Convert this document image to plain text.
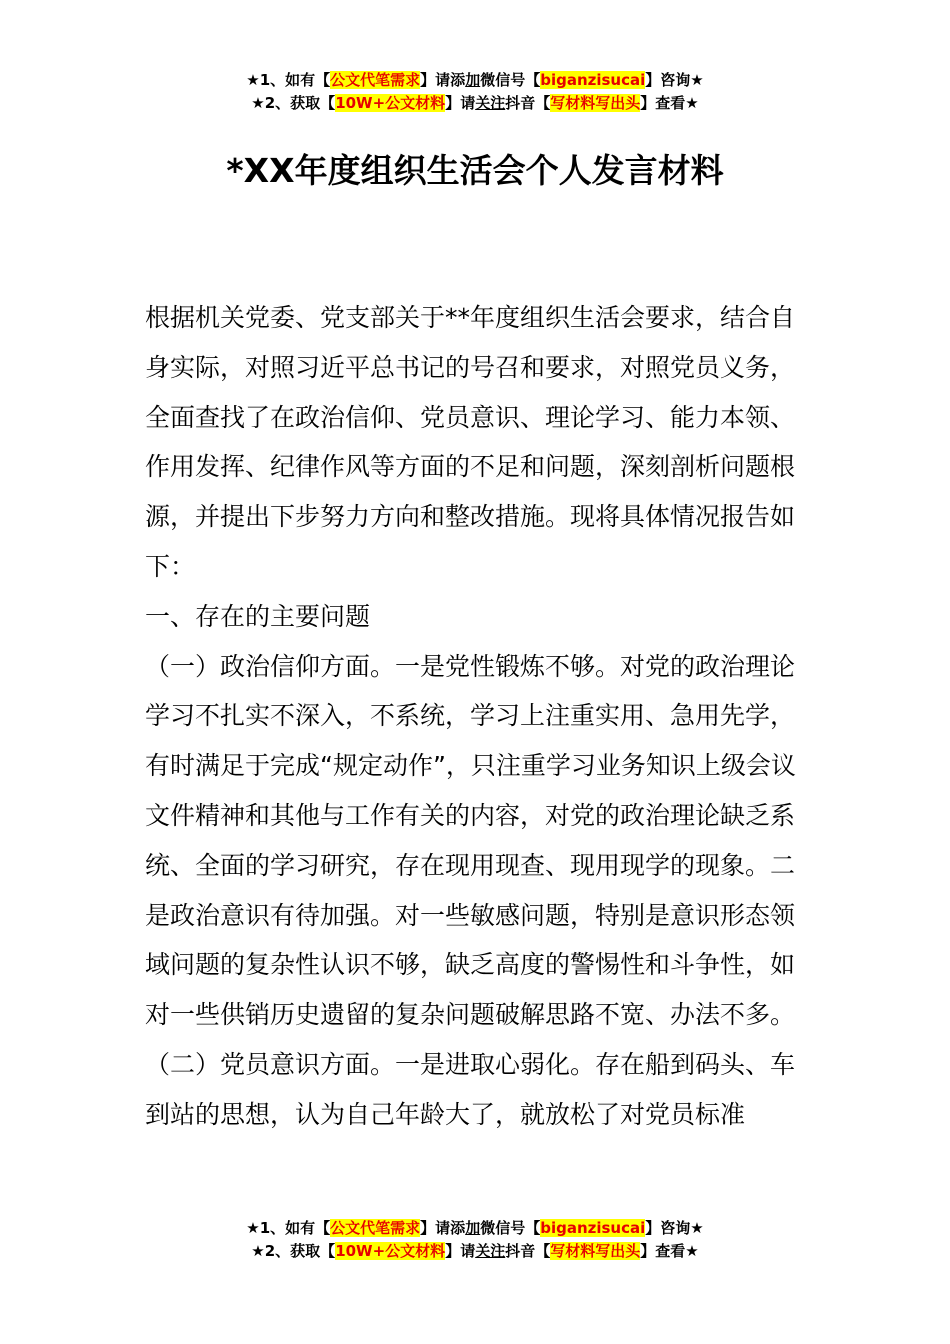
★1、如有【公文代笔需求】请添加微信号【biganzisucai】咨询★
★2、获取【10W+公文材料】请关注抖音【写材料写出头】查看★
*XX年度组织生活会个人发言材料

根据机关党委、党支部关于**年度组织生活会要求，结合自身实际，对照习近平总书记的号召和要求，对照党员义务，全面查找了在政治信仰、党员意识、理论学习、能力本领、作用发挥、纪律作风等方面的不足和问题，深刻剖析问题根源，并提出下步努力方向和整改措施。现将具体情况报告如下：

一、存在的主要问题

（一）政治信仰方面。一是党性锻炼不够。对党的政治理论学习不扎实不深入，不系统，学习上注重实用、急用先学，有时满足于完成“规定动作”，只注重学习业务知识上级会议文件精神和其他与工作有关的内容，对党的政治理论缺乏系统、全面的学习研究，存在现用现查、现用现学的现象。二是政治意识有待加强。对一些敏感问题，特别是意识形态领域问题的复杂性认识不够，缺乏高度的警惕性和斗争性，如对一些供销历史遗留的复杂问题破解思路不宽、办法不多。

（二）党员意识方面。一是进取心弱化。存在船到码头、车到站的思想，认为自己年龄大了，就放松了对党员标准

★1、如有【公文代笔需求】请添加微信号【biganzisucai】咨询★
★2、获取【10W+公文材料】请关注抖音【写材料写出头】查看★
